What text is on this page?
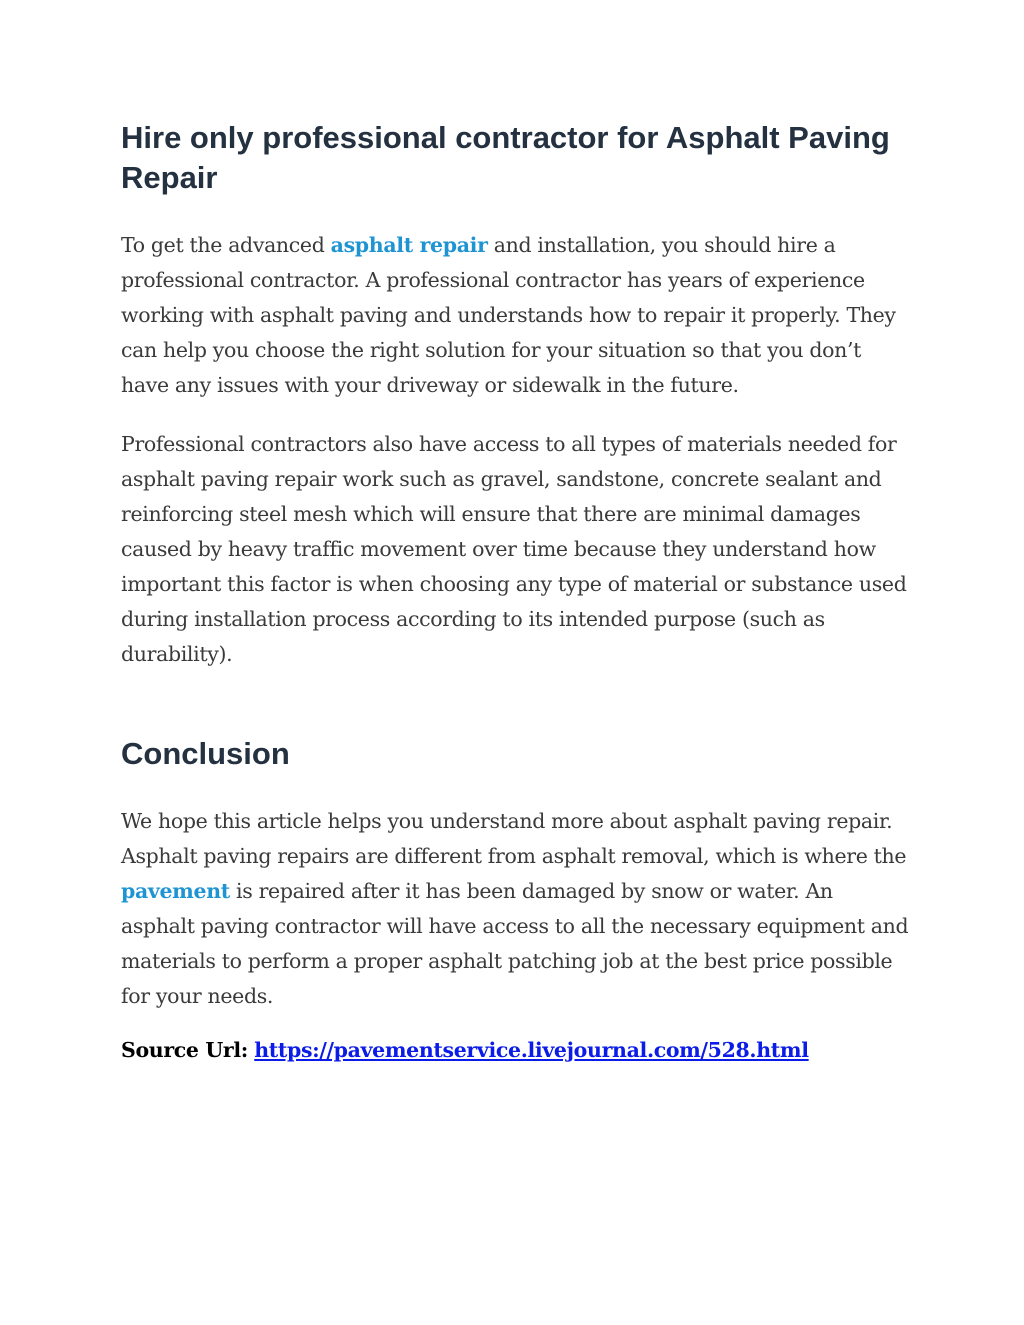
Hire only professional contractor for Asphalt Paving Repair

To get the advanced asphalt repair and installation, you should hire a professional contractor. A professional contractor has years of experience working with asphalt paving and understands how to repair it properly. They can help you choose the right solution for your situation so that you don’t have any issues with your driveway or sidewalk in the future.

Professional contractors also have access to all types of materials needed for asphalt paving repair work such as gravel, sandstone, concrete sealant and reinforcing steel mesh which will ensure that there are minimal damages caused by heavy traffic movement over time because they understand how important this factor is when choosing any type of material or substance used during installation process according to its intended purpose (such as durability).

Conclusion

We hope this article helps you understand more about asphalt paving repair. Asphalt paving repairs are different from asphalt removal, which is where the pavement is repaired after it has been damaged by snow or water. An asphalt paving contractor will have access to all the necessary equipment and materials to perform a proper asphalt patching job at the best price possible for your needs.

Source Url: https://pavementservice.livejournal.com/528.html
